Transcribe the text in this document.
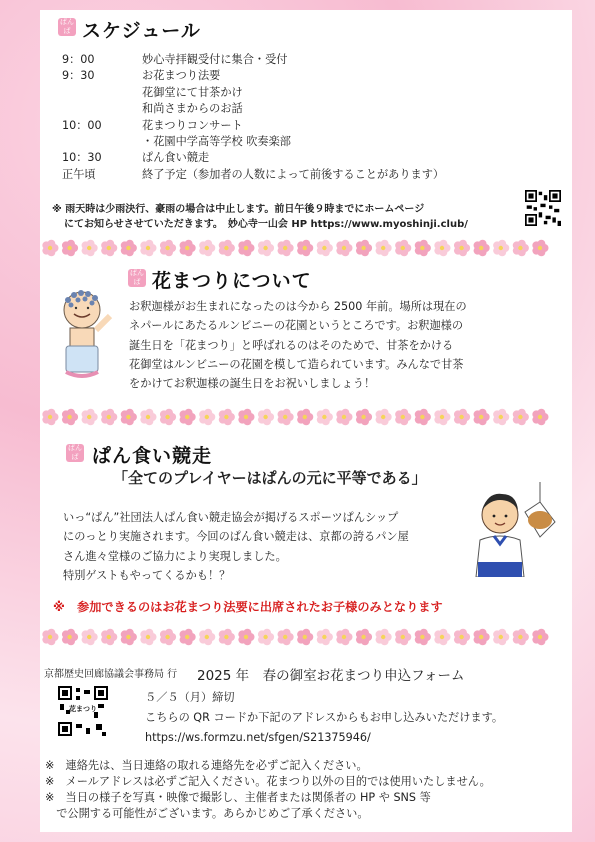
ぱんぱ スケジュール
9：00	妙心寺拝観受付に集合・受付
9：30	お花まつり法要
花御堂にて甘茶かけ
和尚さまからのお話
10：00	花まつりコンサート
・花園中学高等学校 吹奏楽部
10：30	ぱん食い競走
正午頃	終了予定（参加者の人数によって前後することがあります）
※ 雨天時は少雨決行、豪雨の場合は中止します。前日午後９時までにホームページ
にてお知らせさせていただきます。　妙心寺一山会 HP https://www.myoshinji.club/
ぱんぱ 花まつりについて
お釈迦様がお生まれになったのは今から 2500 年前。場所は現在の
ネパールにあたるルンビニーの花園というところです。お釈迦様の
誕生日を「花まつり」と呼ばれるのはそのためで、甘茶をかける
花御堂はルンビニーの花園を模して造られています。みんなで甘茶
をかけてお釈迦様の誕生日をお祝いしましょう！
ぱんぱ ぱん食い競走
「全てのプレイヤーはぱんの元に平等である」
いっ“ぱん”社団法人ぱん食い競走協会が掲げるスポーツぱんシップ
にのっとり実施されます。今回のぱん食い競走は、京都の誇るパン屋
さん進々堂様のご協力により実現しました。
特別ゲストもやってくるかも！？
※　参加できるのはお花まつり法要に出席されたお子様のみとなります
京都歴史回廊協議会事務局 行 2025 年　春の御室お花まつり申込フォーム
花まつり
５／５（月）締切
こちらの QR コードか下記のアドレスからもお申し込みいただけます。
https://ws.formzu.net/sfgen/S21375946/
※　連絡先は、当日連絡の取れる連絡先を必ずご記入ください。
※　メールアドレスは必ずご記入ください。花まつり以外の目的では使用いたしません。
※　当日の様子を写真・映像で撮影し、主催者または関係者の HP や SNS 等
　で公開する可能性がございます。あらかじめご了承ください。
